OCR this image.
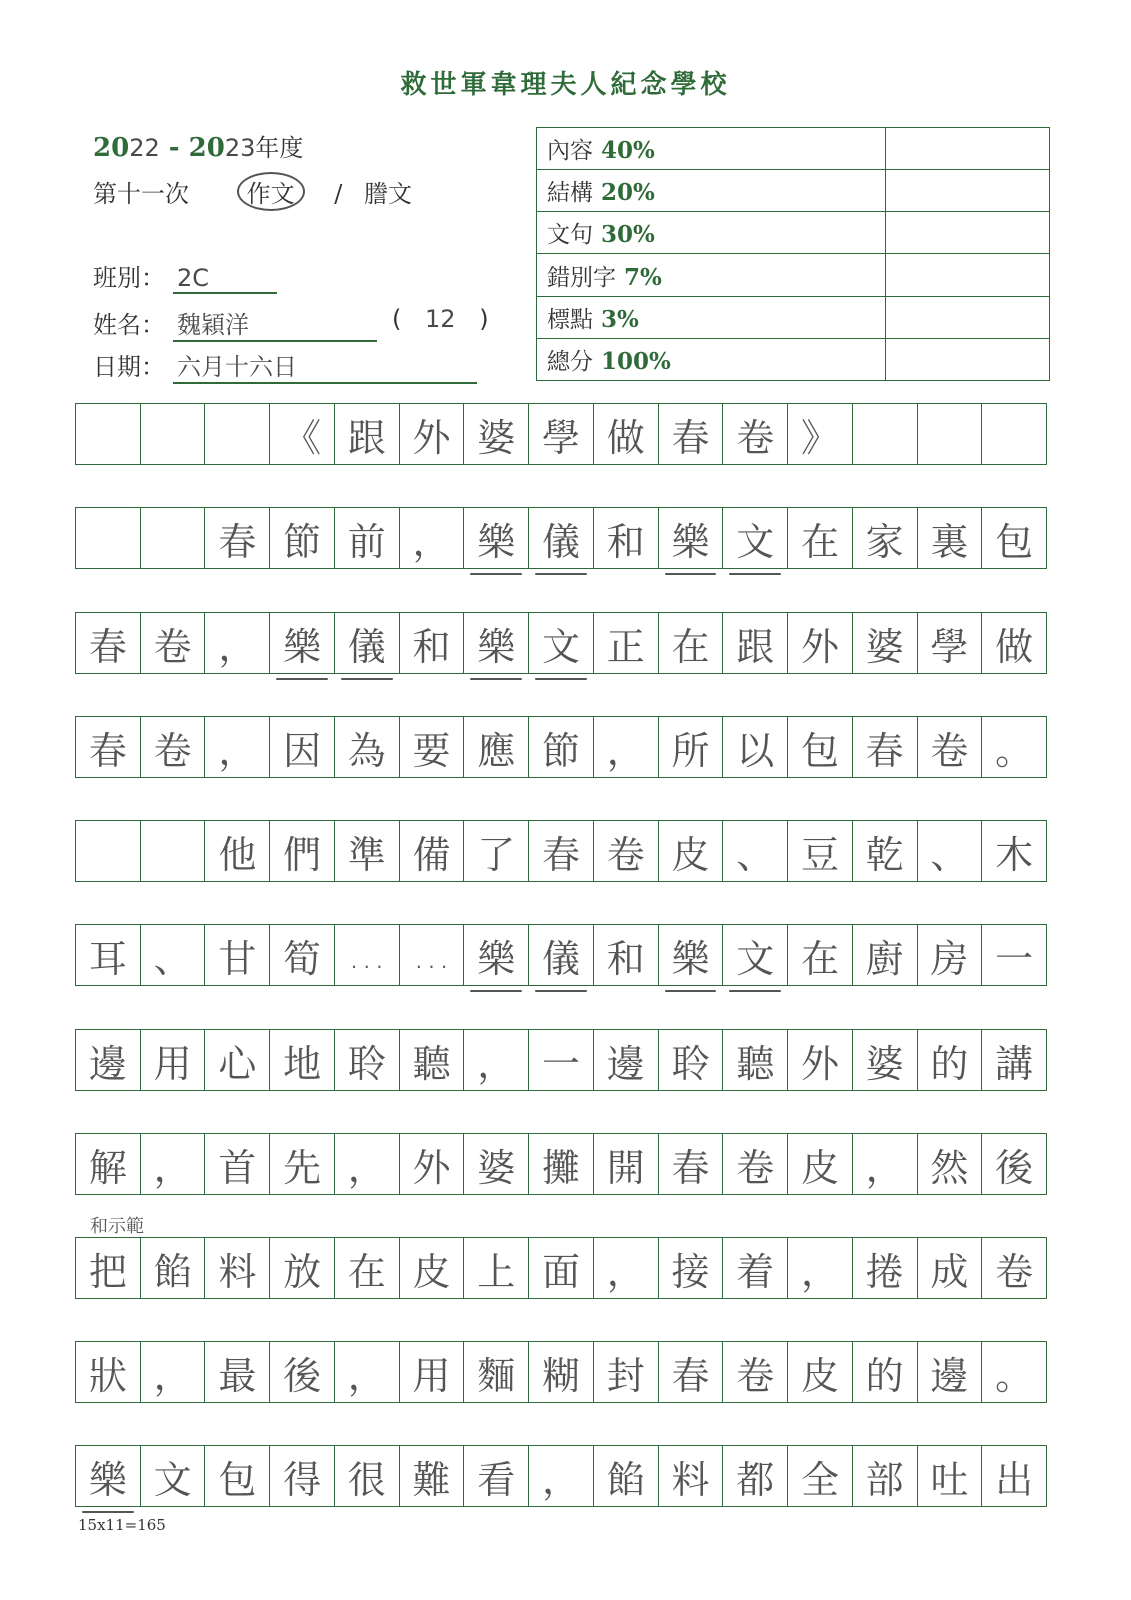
救世軍韋理夫人紀念學校
2022 - 2023年度
第十一次 作文 / 謄文
班別： 2C
姓名： 魏穎洋	( 12 )
日期： 六月十六日
內容 40%	
結構 20%	
文句 30%	
錯別字 7%	
標點 3%	
總分 100%	
《 跟 外 婆 學 做 春 卷 》
春 節 前 ， 樂 儀 和 樂 文 在 家 裏 包
春 卷 ， 樂 儀 和 樂 文 正 在 跟 外 婆 學 做
春 卷 ， 因 為 要 應 節 ， 所 以 包 春 卷 。
他 們 準 備 了 春 卷 皮 、 豆 乾 、 木
耳 、 甘 筍 … … 樂 儀 和 樂 文 在 廚 房 一
邊 用 心 地 聆 聽 ， 一 邊 聆 聽 外 婆 的 講
解 ， 首 先 ， 外 婆 攤 開 春 卷 皮 ， 然 後
把 餡 料 放 在 皮 上 面 ， 接 着 ， 捲 成 卷
狀 ， 最 後 ， 用 麵 糊 封 春 卷 皮 的 邊 。
樂 文 包 得 很 難 看 ， 餡 料 都 全 部 吐 出
和示範
15x11=165
